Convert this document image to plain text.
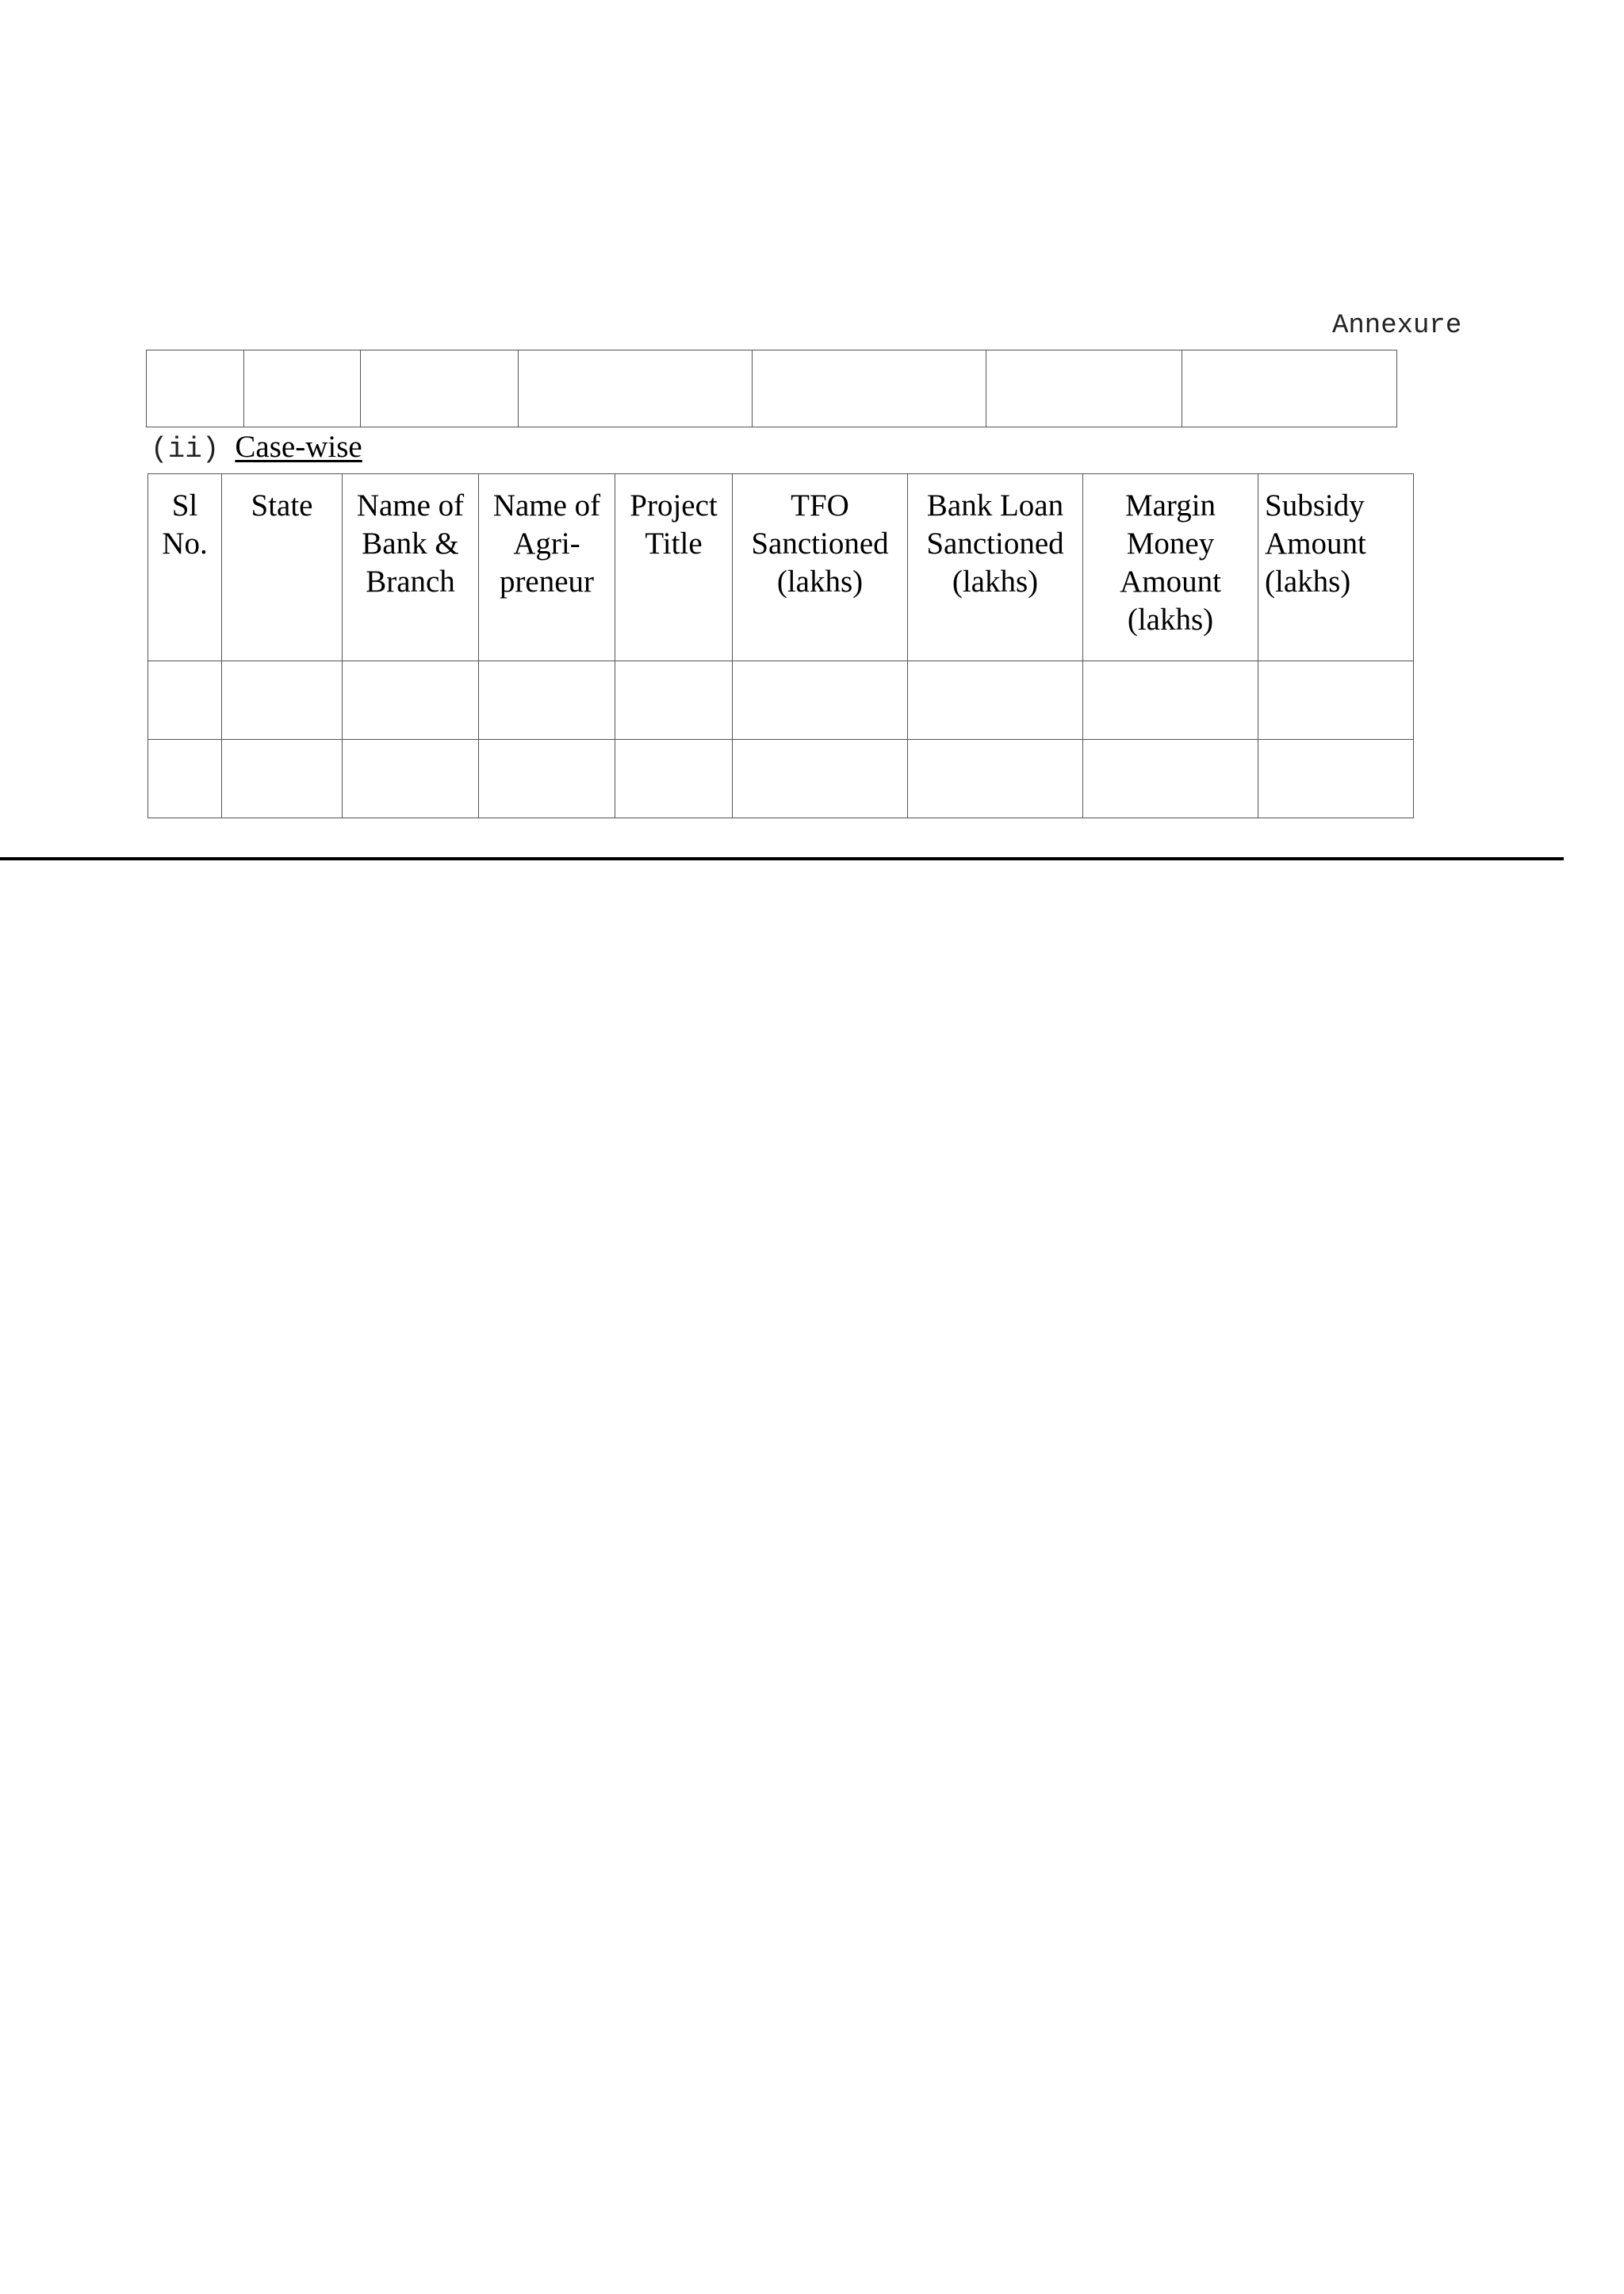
Annexure

(ii) Case-wise
Sl
No.	State	Name of
Bank &
Branch	Name of
Agri-
preneur	Project
Title	TFO
Sanctioned
(lakhs)	Bank Loan
Sanctioned
(lakhs)	Margin
Money
Amount
(lakhs)	Subsidy
Amount
(lakhs)
